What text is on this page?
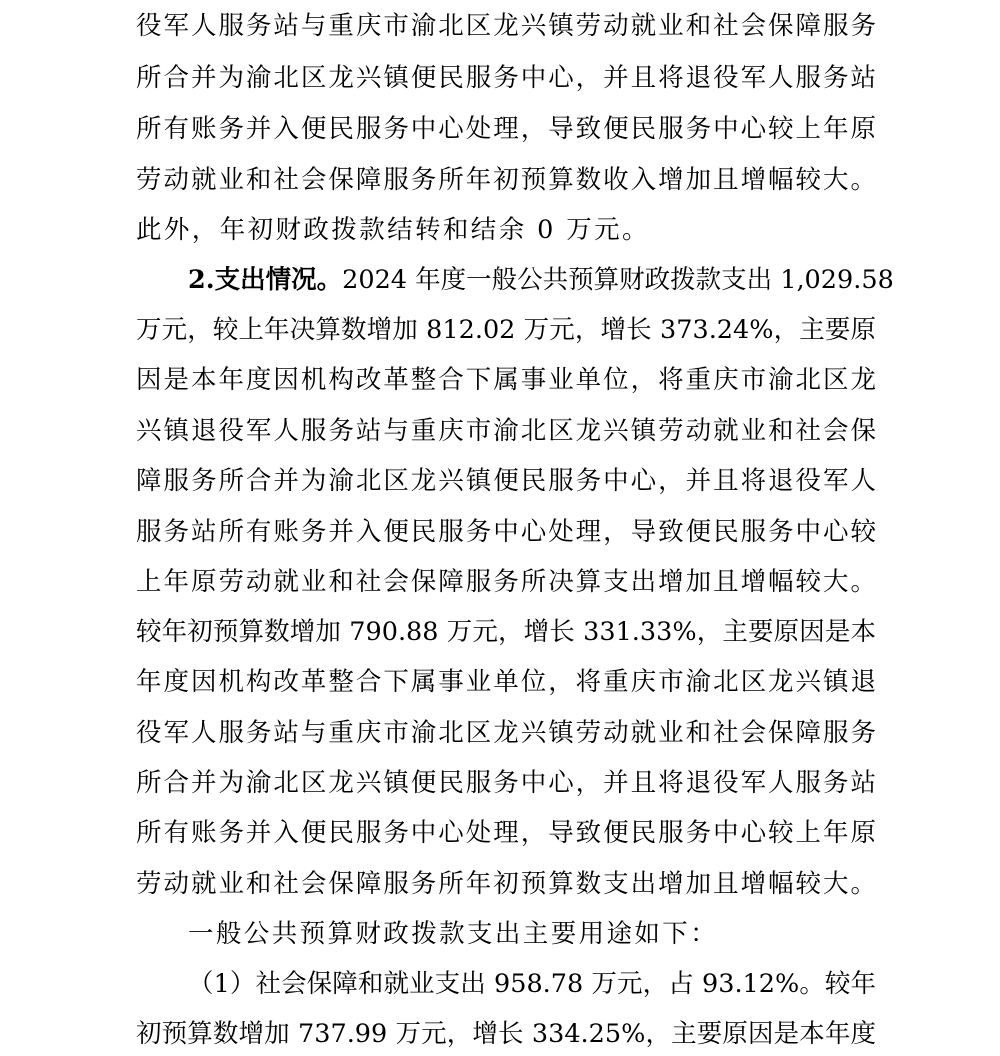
役军人服务站与重庆市渝北区龙兴镇劳动就业和社会保障服务
所合并为渝北区龙兴镇便民服务中心，并且将退役军人服务站
所有账务并入便民服务中心处理，导致便民服务中心较上年原
劳动就业和社会保障服务所年初预算数收入增加且增幅较大。
此外，年初财政拨款结转和结余 0 万元。
2.支出情况。2024 年度一般公共预算财政拨款支出 1,029.58
万元，较上年决算数增加 812.02 万元，增长 373.24%，主要原
因是本年度因机构改革整合下属事业单位，将重庆市渝北区龙
兴镇退役军人服务站与重庆市渝北区龙兴镇劳动就业和社会保
障服务所合并为渝北区龙兴镇便民服务中心，并且将退役军人
服务站所有账务并入便民服务中心处理，导致便民服务中心较
上年原劳动就业和社会保障服务所决算支出增加且增幅较大。
较年初预算数增加 790.88 万元，增长 331.33%，主要原因是本
年度因机构改革整合下属事业单位，将重庆市渝北区龙兴镇退
役军人服务站与重庆市渝北区龙兴镇劳动就业和社会保障服务
所合并为渝北区龙兴镇便民服务中心，并且将退役军人服务站
所有账务并入便民服务中心处理，导致便民服务中心较上年原
劳动就业和社会保障服务所年初预算数支出增加且增幅较大。
一般公共预算财政拨款支出主要用途如下：
（1）社会保障和就业支出 958.78 万元，占 93.12%。较年
初预算数增加 737.99 万元，增长 334.25%，主要原因是本年度
